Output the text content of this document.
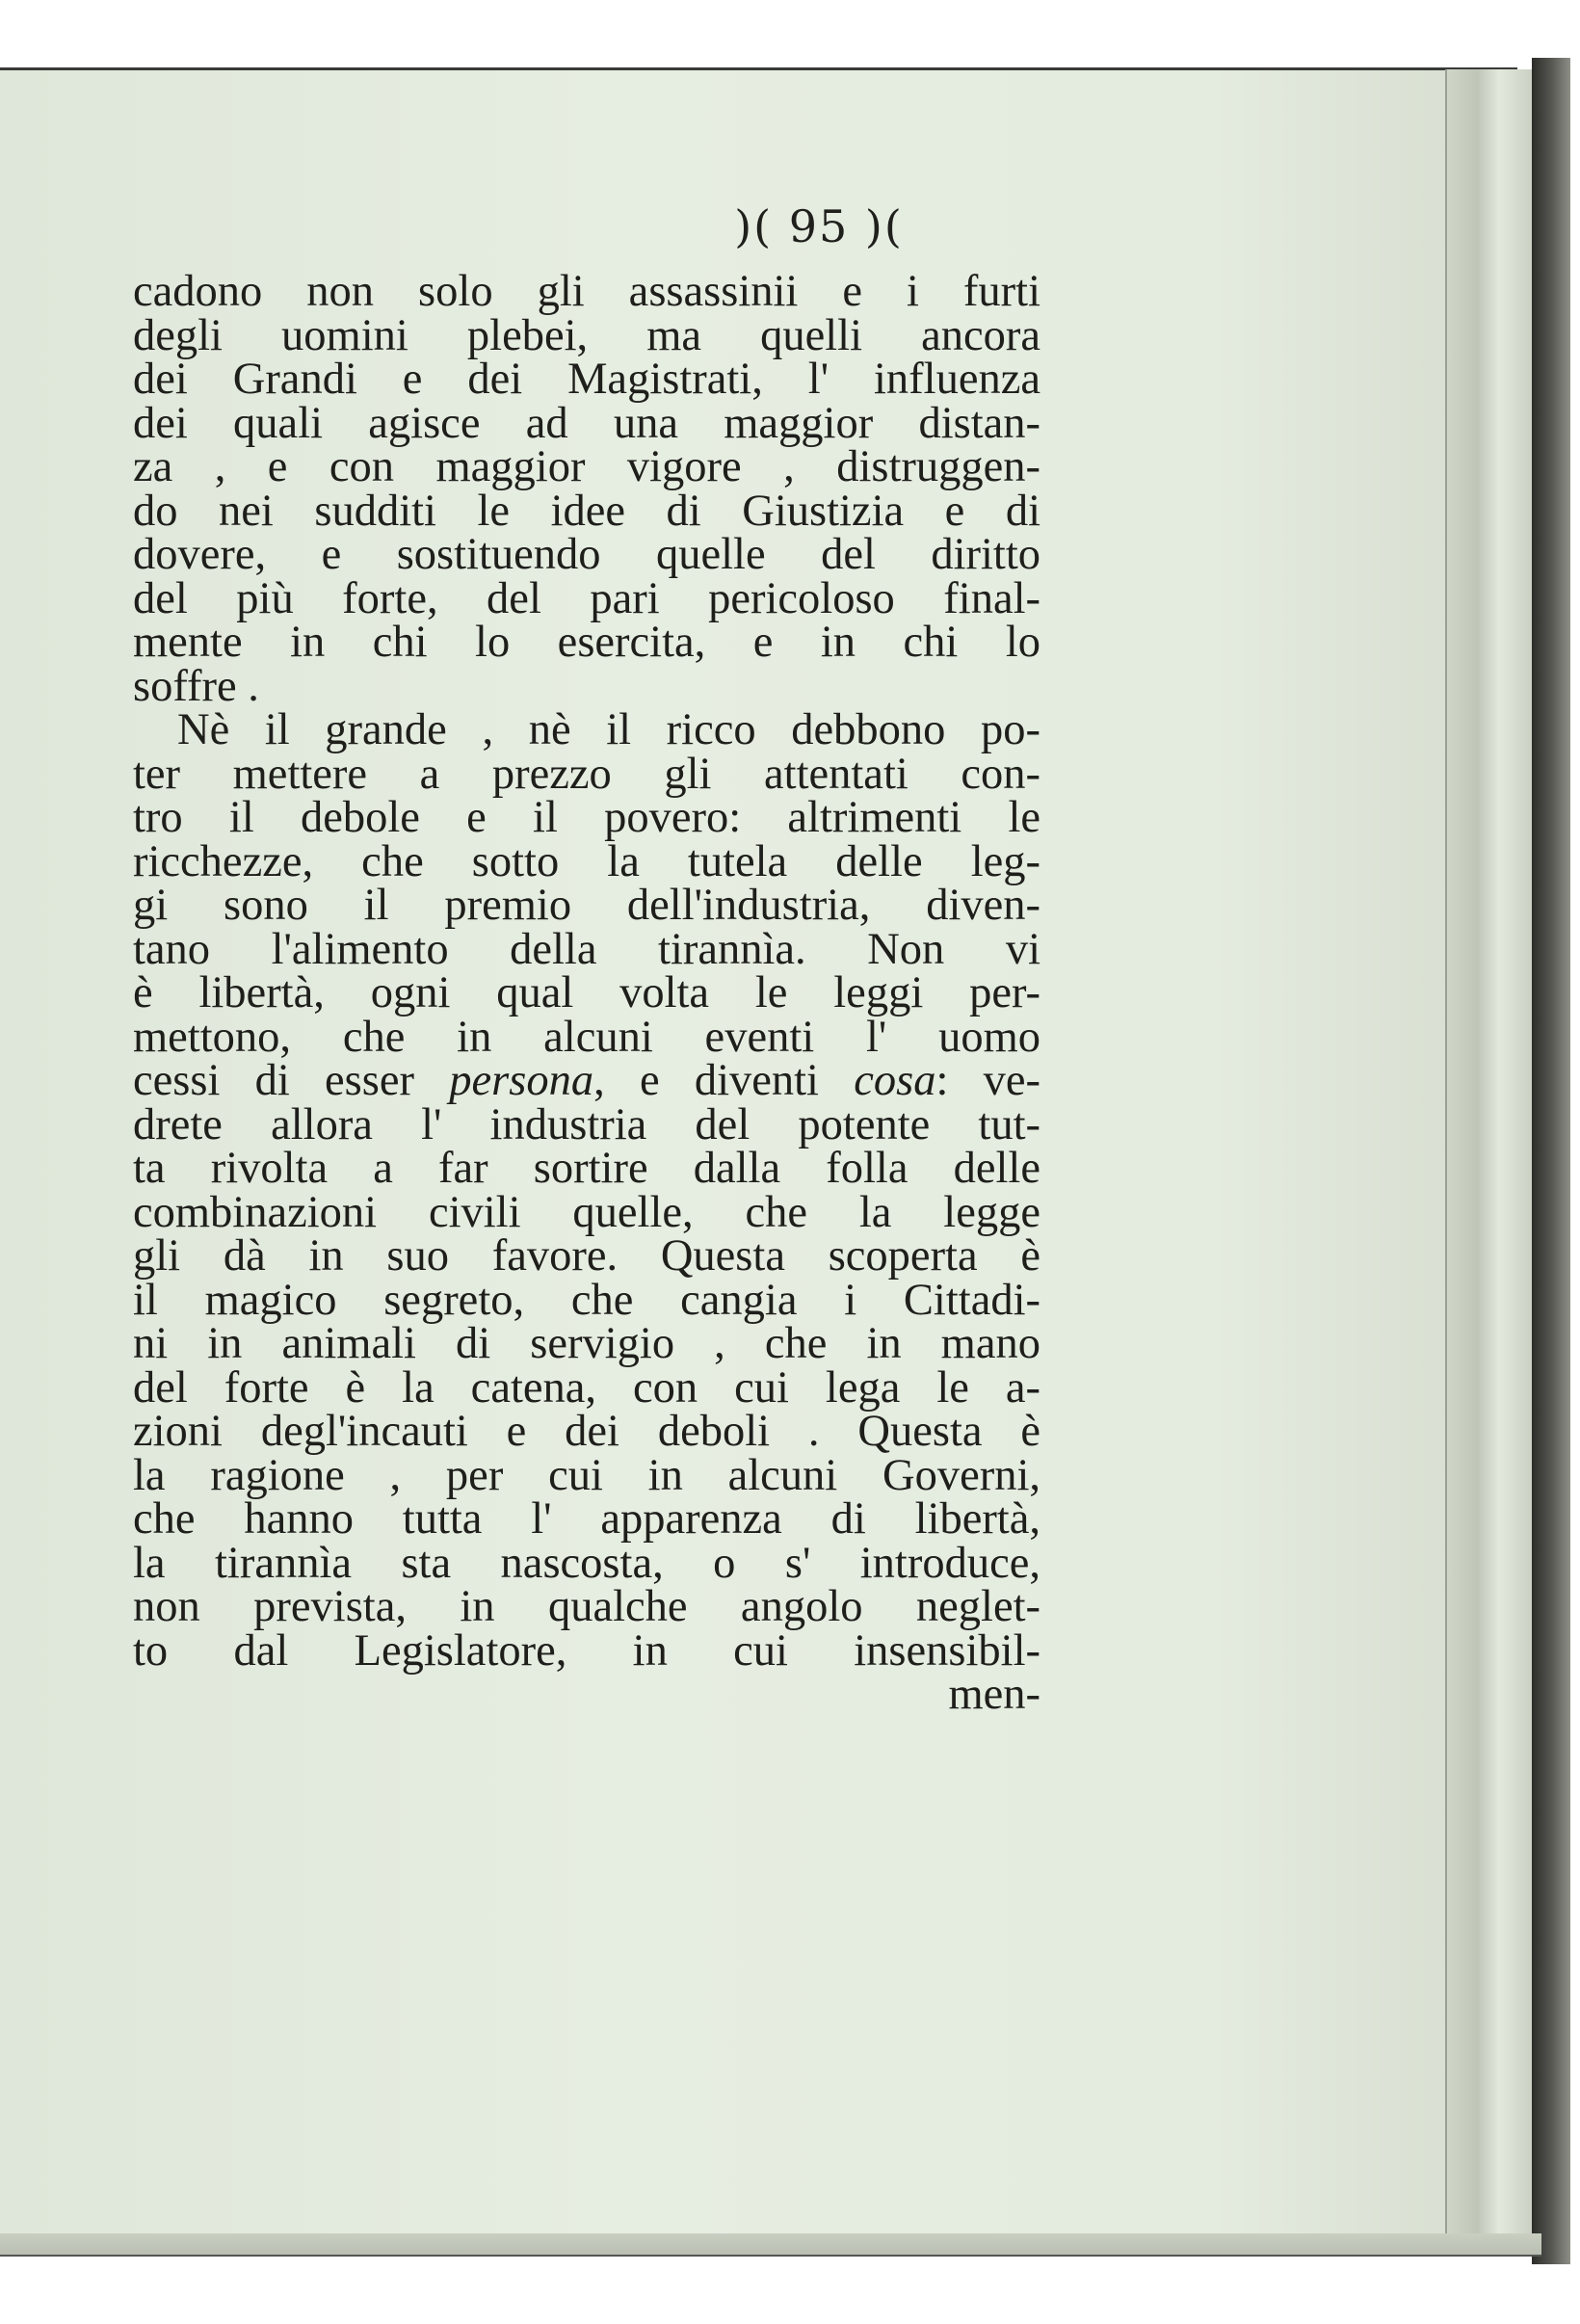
)( 95 )(
cadono non solo gli assassinii e i furti
degli uomini plebei, ma quelli ancora
dei Grandi e dei Magistrati, l' influenza
dei quali agisce ad una maggior distan-
za , e con maggior vigore , distruggen-
do nei sudditi le idee di Giustizia e di
dovere, e sostituendo quelle del diritto
del più forte, del pari pericoloso final-
mente in chi lo esercita, e in chi lo
soffre .
Nè il grande , nè il ricco debbono po-
ter mettere a prezzo gli attentati con-
tro il debole e il povero: altrimenti le
ricchezze, che sotto la tutela delle leg-
gi sono il premio dell'industria, diven-
tano l'alimento della tirannìa. Non vi
è libertà, ogni qual volta le leggi per-
mettono, che in alcuni eventi l' uomo
cessi di esser persona, e diventi cosa: ve-
drete allora l' industria del potente tut-
ta rivolta a far sortire dalla folla delle
combinazioni civili quelle, che la legge
gli dà in suo favore. Questa scoperta è
il magico segreto, che cangia i Cittadi-
ni in animali di servigio , che in mano
del forte è la catena, con cui lega le a-
zioni degl'incauti e dei deboli . Questa è
la ragione , per cui in alcuni Governi,
che hanno tutta l' apparenza di libertà,
la tirannìa sta nascosta, o s' introduce,
non prevista, in qualche angolo neglet-
to dal Legislatore, in cui insensibil-
men-
